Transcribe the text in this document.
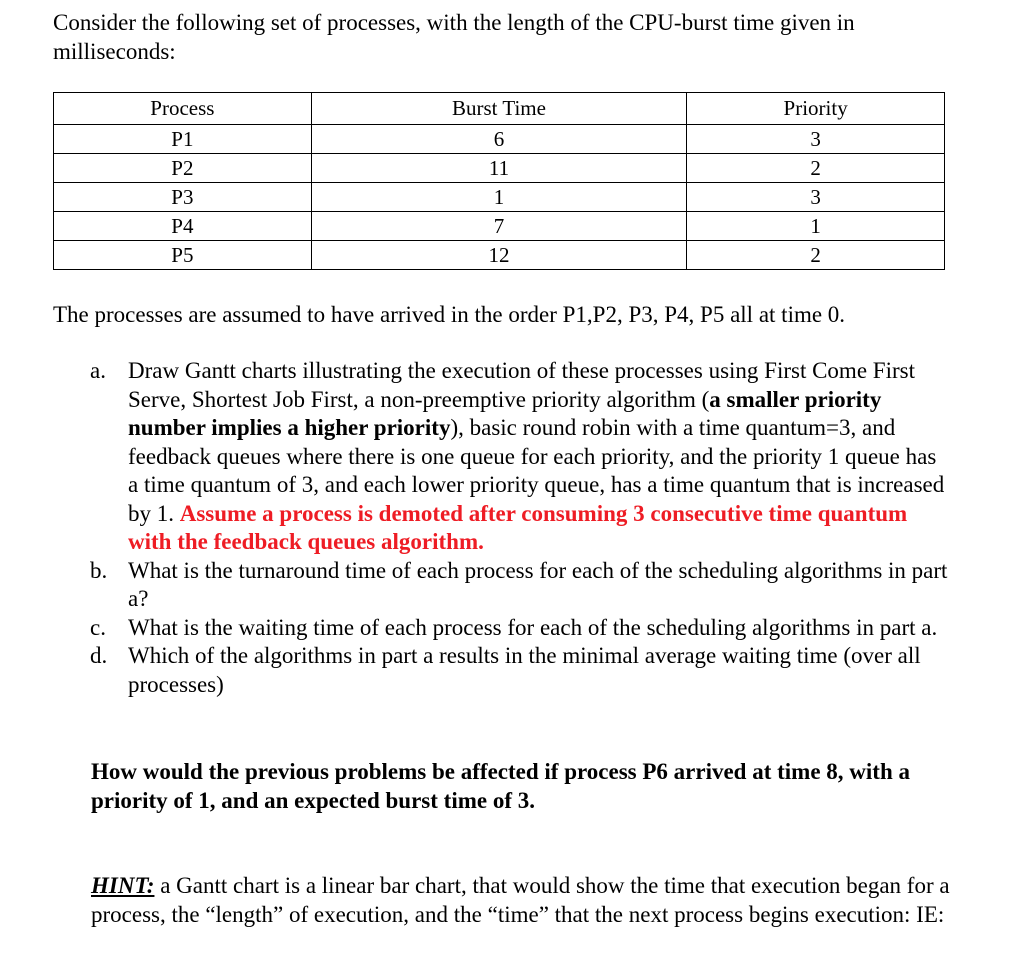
Consider the following set of processes, with the length of the CPU-burst time given in milliseconds:

Process	Burst Time	Priority
P1	6	3
P2	11	2
P3	1	3
P4	7	1
P5	12	2

The processes are assumed to have arrived in the order P1,P2, P3, P4, P5 all at time 0.

a. Draw Gantt charts illustrating the execution of these processes using First Come First Serve, Shortest Job First, a non-preemptive priority algorithm (a smaller priority number implies a higher priority), basic round robin with a time quantum=3, and feedback queues where there is one queue for each priority, and the priority 1 queue has a time quantum of 3, and each lower priority queue, has a time quantum that is increased by 1. Assume a process is demoted after consuming 3 consecutive time quantum with the feedback queues algorithm.
b. What is the turnaround time of each process for each of the scheduling algorithms in part a?
c. What is the waiting time of each process for each of the scheduling algorithms in part a.
d. Which of the algorithms in part a results in the minimal average waiting time (over all processes)

How would the previous problems be affected if process P6 arrived at time 8, with a priority of 1, and an expected burst time of 3.

HINT: a Gantt chart is a linear bar chart, that would show the time that execution began for a process, the “length” of execution, and the “time” that the next process begins execution: IE:
